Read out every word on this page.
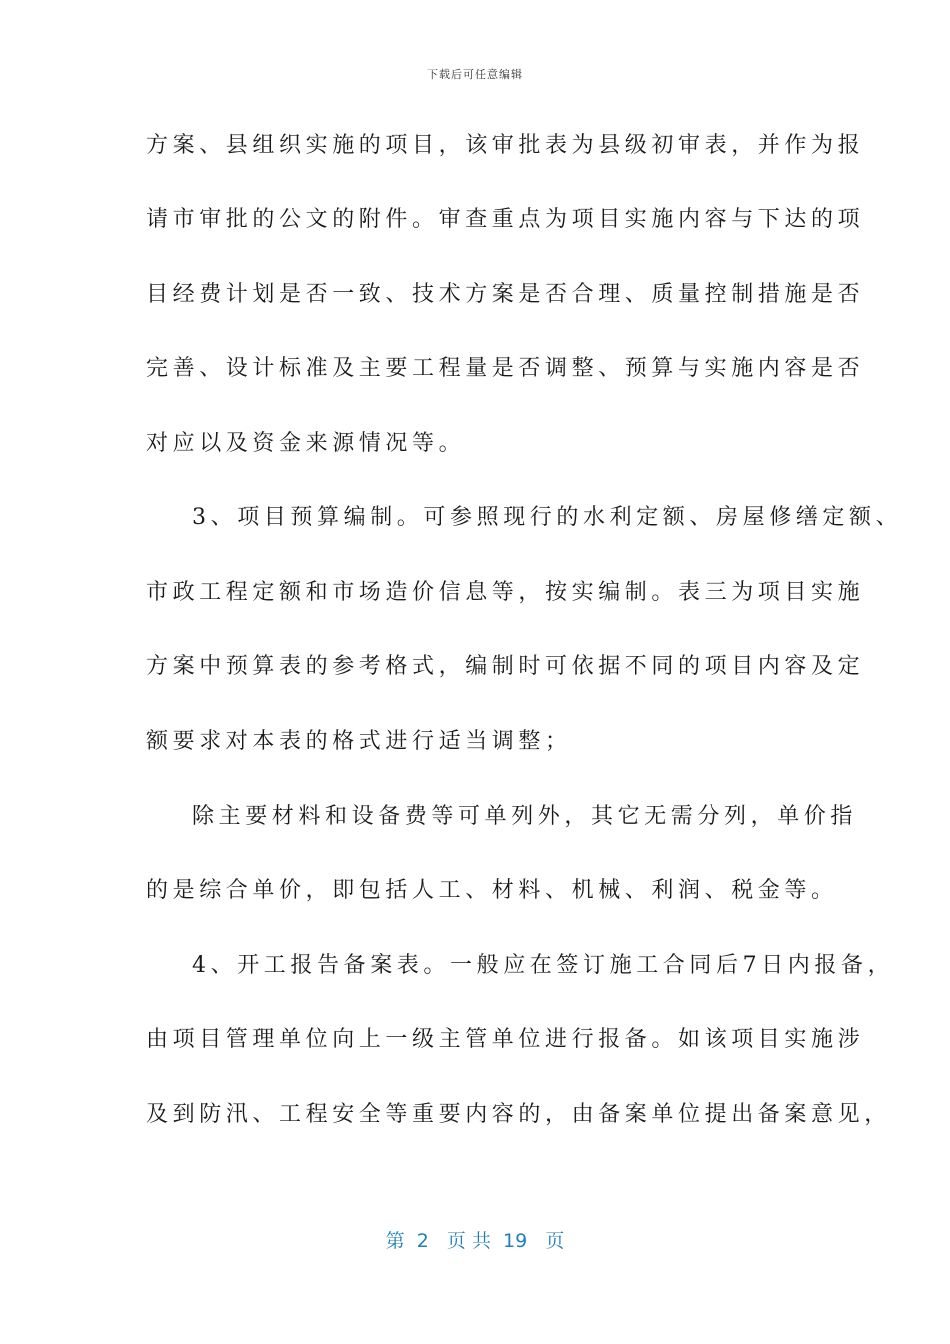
下载后可任意编辑
方案、县组织实施的项目，该审批表为县级初审表，并作为报
请市审批的公文的附件。审查重点为项目实施内容与下达的项
目经费计划是否一致、技术方案是否合理、质量控制措施是否
完善、设计标准及主要工程量是否调整、预算与实施内容是否
对应以及资金来源情况等。
3、项目预算编制。可参照现行的水利定额、房屋修缮定额、
市政工程定额和市场造价信息等，按实编制。表三为项目实施
方案中预算表的参考格式，编制时可依据不同的项目内容及定
额要求对本表的格式进行适当调整；
除主要材料和设备费等可单列外，其它无需分列，单价指
的是综合单价，即包括人工、材料、机械、利润、税金等。
4、开工报告备案表。一般应在签订施工合同后7日内报备，
由项目管理单位向上一级主管单位进行报备。如该项目实施涉
及到防汛、工程安全等重要内容的，由备案单位提出备案意见，
第  2   页 共  19   页
